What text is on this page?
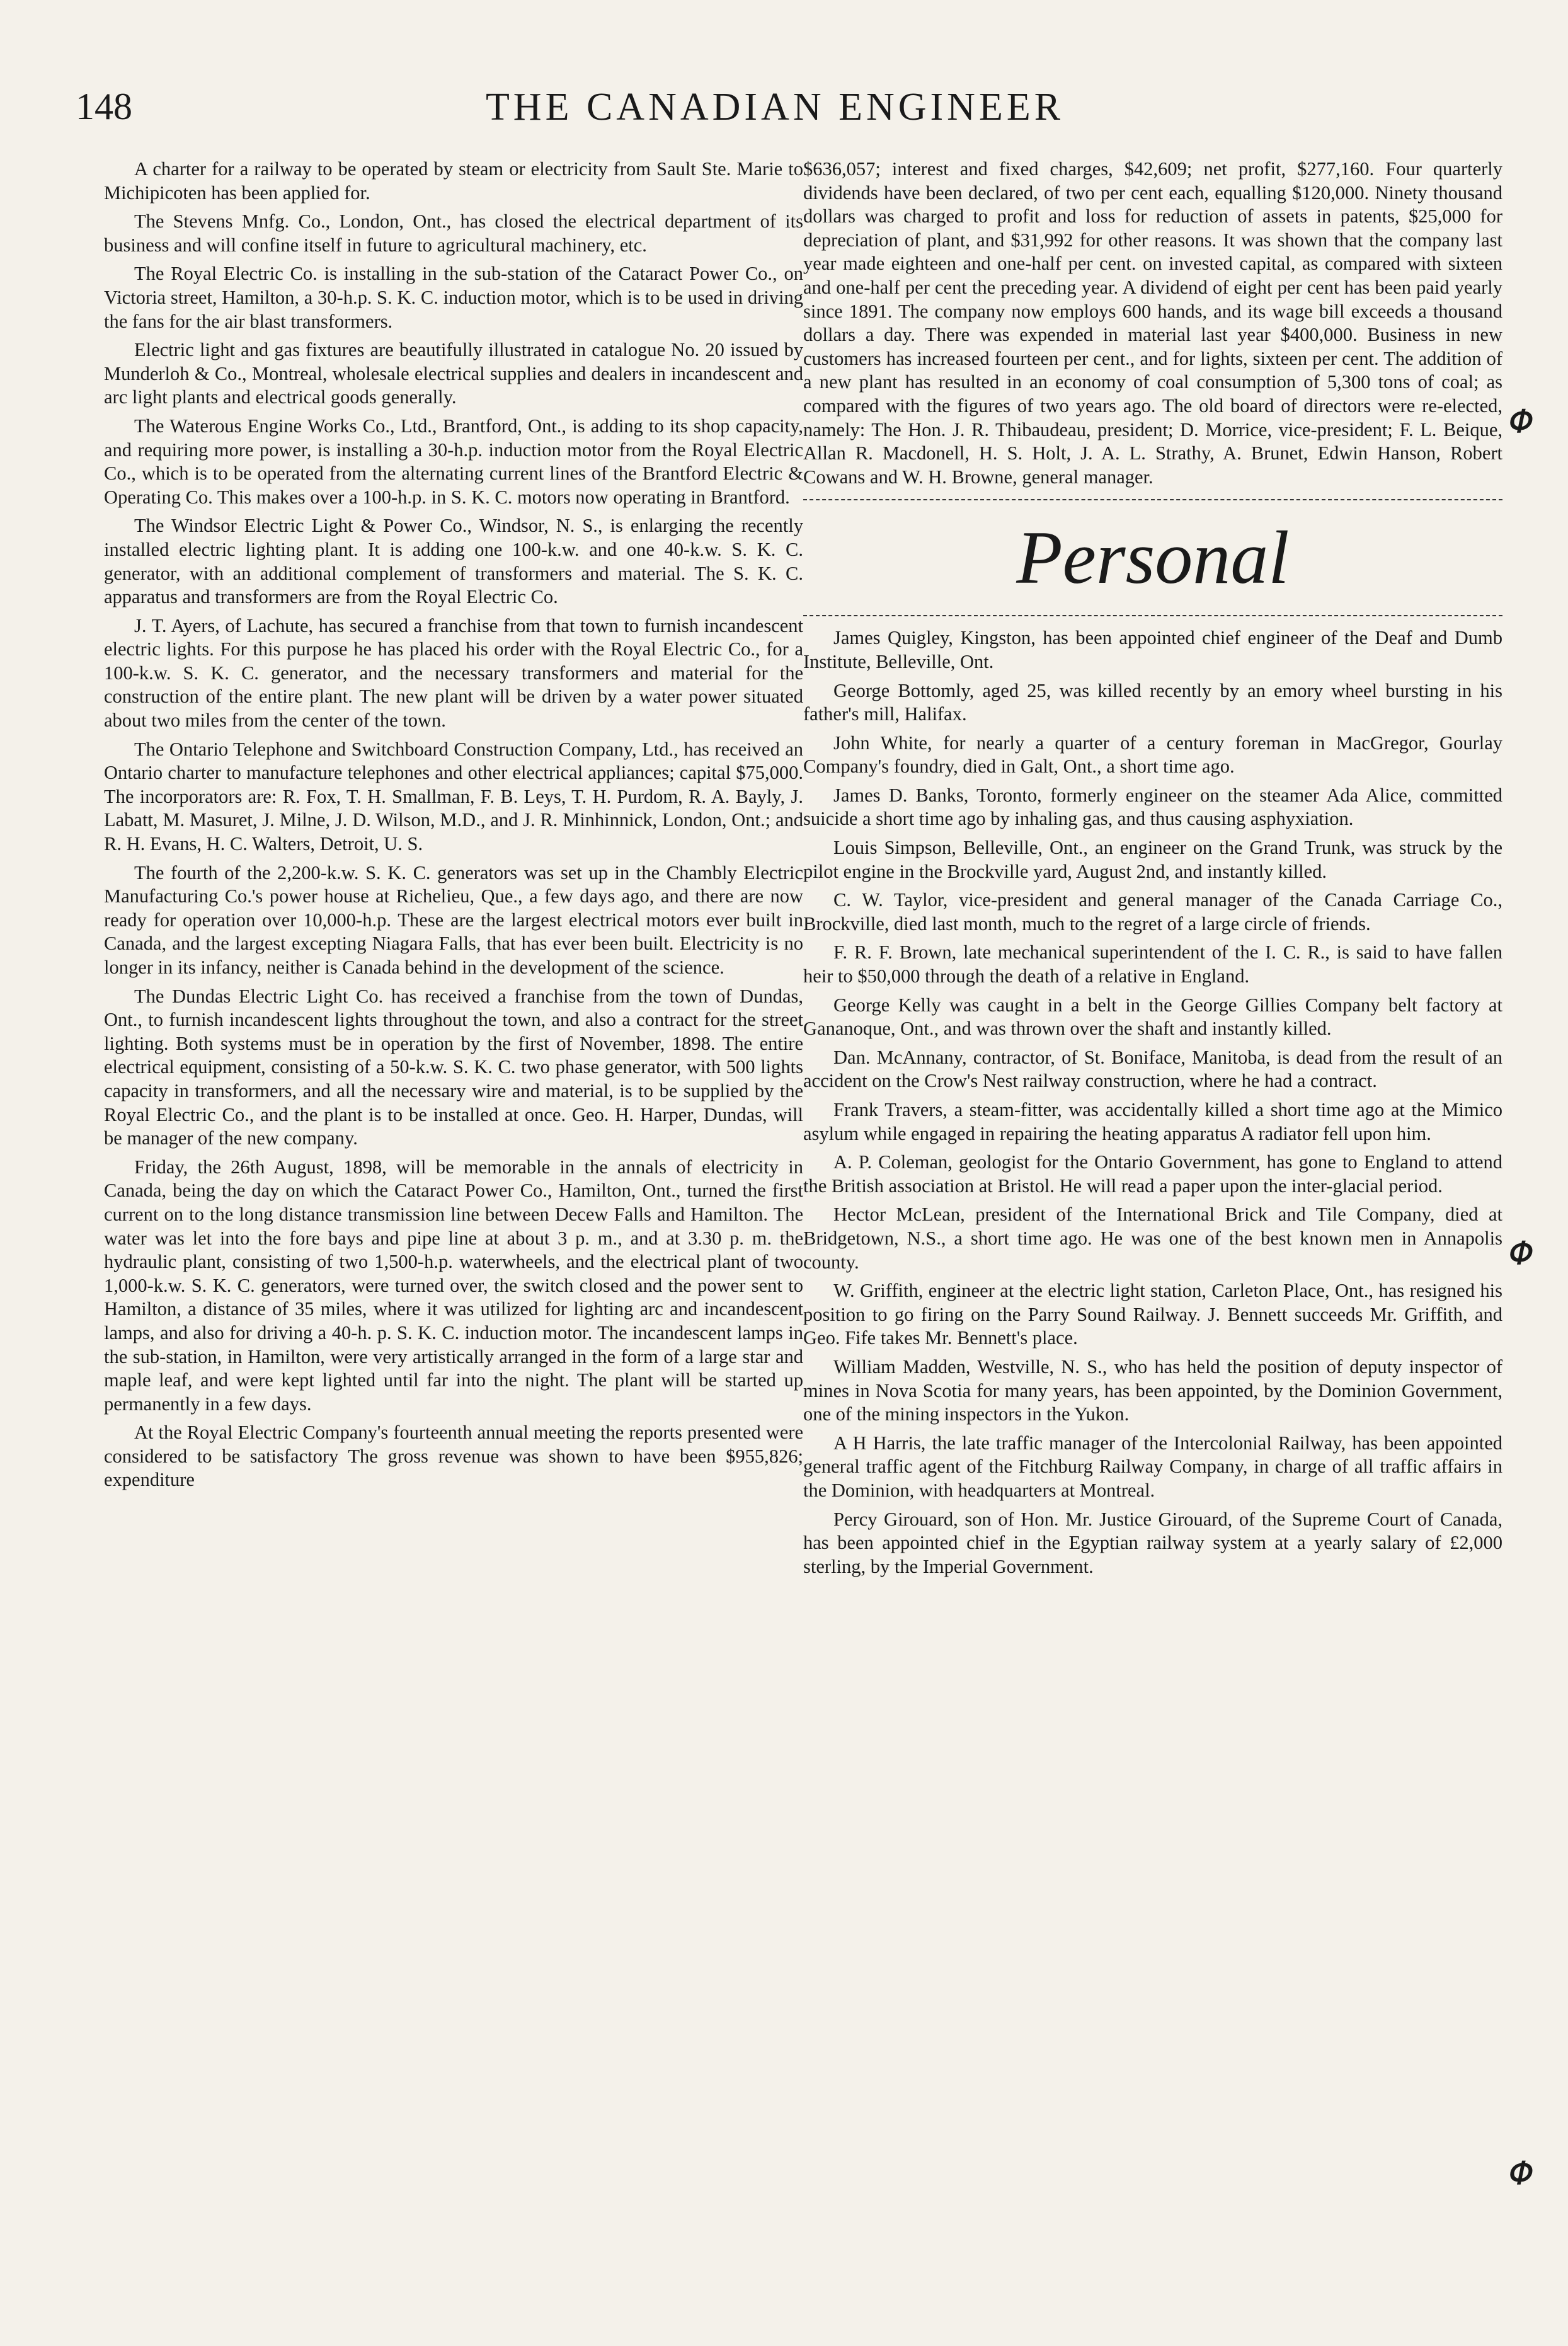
148	THE CANADIAN ENGINEER

A charter for a railway to be operated by steam or electricity from Sault Ste. Marie to Michipicoten has been applied for.

The Stevens Mnfg. Co., London, Ont., has closed the electrical department of its business and will confine itself in future to agricultural machinery, etc.

The Royal Electric Co. is installing in the sub-station of the Cataract Power Co., on Victoria street, Hamilton, a 30-h.p. S. K. C. induction motor, which is to be used in driving the fans for the air blast transformers.

Electric light and gas fixtures are beautifully illustrated in catalogue No. 20 issued by Munderloh & Co., Montreal, wholesale electrical supplies and dealers in incandescent and arc light plants and electrical goods generally.

The Waterous Engine Works Co., Ltd., Brantford, Ont., is adding to its shop capacity, and requiring more power, is installing a 30-h.p. induction motor from the Royal Electric Co., which is to be operated from the alternating current lines of the Brantford Electric & Operating Co. This makes over a 100-h.p. in S. K. C. motors now operating in Brantford.

The Windsor Electric Light & Power Co., Windsor, N. S., is enlarging the recently installed electric lighting plant. It is adding one 100-k.w. and one 40-k.w. S. K. C. generator, with an additional complement of transformers and material. The S. K. C. apparatus and transformers are from the Royal Electric Co.

J. T. Ayers, of Lachute, has secured a franchise from that town to furnish incandescent electric lights. For this purpose he has placed his order with the Royal Electric Co., for a 100-k.w. S. K. C. generator, and the necessary transformers and material for the construction of the entire plant. The new plant will be driven by a water power situated about two miles from the center of the town.

The Ontario Telephone and Switchboard Construction Company, Ltd., has received an Ontario charter to manufacture telephones and other electrical appliances; capital $75,000. The incorporators are: R. Fox, T. H. Smallman, F. B. Leys, T. H. Purdom, R. A. Bayly, J. Labatt, M. Masuret, J. Milne, J. D. Wilson, M.D., and J. R. Minhinnick, London, Ont.; and R. H. Evans, H. C. Walters, Detroit, U. S.

The fourth of the 2,200-k.w. S. K. C. generators was set up in the Chambly Electric Manufacturing Co.'s power house at Richelieu, Que., a few days ago, and there are now ready for operation over 10,000-h.p. These are the largest electrical motors ever built in Canada, and the largest excepting Niagara Falls, that has ever been built. Electricity is no longer in its infancy, neither is Canada behind in the development of the science.

The Dundas Electric Light Co. has received a franchise from the town of Dundas, Ont., to furnish incandescent lights throughout the town, and also a contract for the street lighting. Both systems must be in operation by the first of November, 1898. The entire electrical equipment, consisting of a 50-k.w. S. K. C. two phase generator, with 500 lights capacity in transformers, and all the necessary wire and material, is to be supplied by the Royal Electric Co., and the plant is to be installed at once. Geo. H. Harper, Dundas, will be manager of the new company.

Friday, the 26th August, 1898, will be memorable in the annals of electricity in Canada, being the day on which the Cataract Power Co., Hamilton, Ont., turned the first current on to the long distance transmission line between Decew Falls and Hamilton. The water was let into the fore bays and pipe line at about 3 p. m., and at 3.30 p. m. the hydraulic plant, consisting of two 1,500-h.p. waterwheels, and the electrical plant of two 1,000-k.w. S. K. C. generators, were turned over, the switch closed and the power sent to Hamilton, a distance of 35 miles, where it was utilized for lighting arc and incandescent lamps, and also for driving a 40-h. p. S. K. C. induction motor. The incandescent lamps in the sub-station, in Hamilton, were very artistically arranged in the form of a large star and maple leaf, and were kept lighted until far into the night. The plant will be started up permanently in a few days.

At the Royal Electric Company's fourteenth annual meeting the reports presented were considered to be satisfactory The gross revenue was shown to have been $955,826; expenditure

$636,057; interest and fixed charges, $42,609; net profit, $277,160. Four quarterly dividends have been declared, of two per cent each, equalling $120,000. Ninety thousand dollars was charged to profit and loss for reduction of assets in patents, $25,000 for depreciation of plant, and $31,992 for other reasons. It was shown that the company last year made eighteen and one-half per cent. on invested capital, as compared with sixteen and one-half per cent the preceding year. A dividend of eight per cent has been paid yearly since 1891. The company now employs 600 hands, and its wage bill exceeds a thousand dollars a day. There was expended in material last year $400,000. Business in new customers has increased fourteen per cent., and for lights, sixteen per cent. The addition of a new plant has resulted in an economy of coal consumption of 5,300 tons of coal; as compared with the figures of two years ago. The old board of directors were re-elected, namely: The Hon. J. R. Thibaudeau, president; D. Morrice, vice-president; F. L. Beique, Allan R. Macdonell, H. S. Holt, J. A. L. Strathy, A. Brunet, Edwin Hanson, Robert Cowans and W. H. Browne, general manager.

Personal

James Quigley, Kingston, has been appointed chief engineer of the Deaf and Dumb Institute, Belleville, Ont.

George Bottomly, aged 25, was killed recently by an emory wheel bursting in his father's mill, Halifax.

John White, for nearly a quarter of a century foreman in MacGregor, Gourlay Company's foundry, died in Galt, Ont., a short time ago.

James D. Banks, Toronto, formerly engineer on the steamer Ada Alice, committed suicide a short time ago by inhaling gas, and thus causing asphyxiation.

Louis Simpson, Belleville, Ont., an engineer on the Grand Trunk, was struck by the pilot engine in the Brockville yard, August 2nd, and instantly killed.

C. W. Taylor, vice-president and general manager of the Canada Carriage Co., Brockville, died last month, much to the regret of a large circle of friends.

F. R. F. Brown, late mechanical superintendent of the I. C. R., is said to have fallen heir to $50,000 through the death of a relative in England.

George Kelly was caught in a belt in the George Gillies Company belt factory at Gananoque, Ont., and was thrown over the shaft and instantly killed.

Dan. McAnnany, contractor, of St. Boniface, Manitoba, is dead from the result of an accident on the Crow's Nest railway construction, where he had a contract.

Frank Travers, a steam-fitter, was accidentally killed a short time ago at the Mimico asylum while engaged in repairing the heating apparatus A radiator fell upon him.

A. P. Coleman, geologist for the Ontario Government, has gone to England to attend the British association at Bristol. He will read a paper upon the inter-glacial period.

Hector McLean, president of the International Brick and Tile Company, died at Bridgetown, N.S., a short time ago. He was one of the best known men in Annapolis county.

W. Griffith, engineer at the electric light station, Carleton Place, Ont., has resigned his position to go firing on the Parry Sound Railway. J. Bennett succeeds Mr. Griffith, and Geo. Fife takes Mr. Bennett's place.

William Madden, Westville, N. S., who has held the position of deputy inspector of mines in Nova Scotia for many years, has been appointed, by the Dominion Government, one of the mining inspectors in the Yukon.

A H Harris, the late traffic manager of the Intercolonial Railway, has been appointed general traffic agent of the Fitchburg Railway Company, in charge of all traffic affairs in the Dominion, with headquarters at Montreal.

Percy Girouard, son of Hon. Mr. Justice Girouard, of the Supreme Court of Canada, has been appointed chief in the Egyptian railway system at a yearly salary of £2,000 sterling, by the Imperial Government.

𝛷
𝛷
𝛷
